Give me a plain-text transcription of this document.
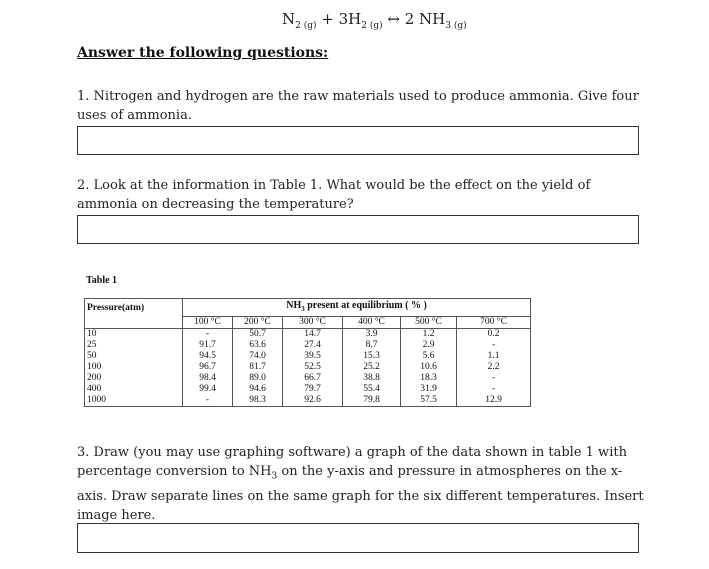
$N_{2 (g)} + 3H_{2 (g)}$ ↔ 2 $NH_{3 (g)}$
Answer the following questions:
1. Nitrogen and hydrogen are the raw materials used to produce ammonia. Give four uses of ammonia.
2. Look at the information in Table 1. What would be the effect on the yield of ammonia on decreasing the temperature?
Table 1
Pressure(atm)	$NH_3$ present at equilibrium ( % )					
	100 °C	200 °C	300 °C	400 °C	500 °C	700 °C
10	-	50.7	14.7	3.9	1.2	0.2
25	91.7	63.6	27.4	8.7	2.9	-
50	94.5	74.0	39.5	15.3	5.6	1.1
100	96.7	81.7	52.5	25.2	10.6	2.2
200	98.4	89.0	66.7	38.8	18.3	-
400	99.4	94.6	79.7	55.4	31.9	-
1000	-	98.3	92.6	79.8	57.5	12.9
3. Draw (you may use graphing software) a graph of the data shown in table 1 with percentage conversion to $NH_3$ on the y-axis and pressure in atmospheres on the x-axis. Draw separate lines on the same graph for the six different temperatures. Insert image here.
